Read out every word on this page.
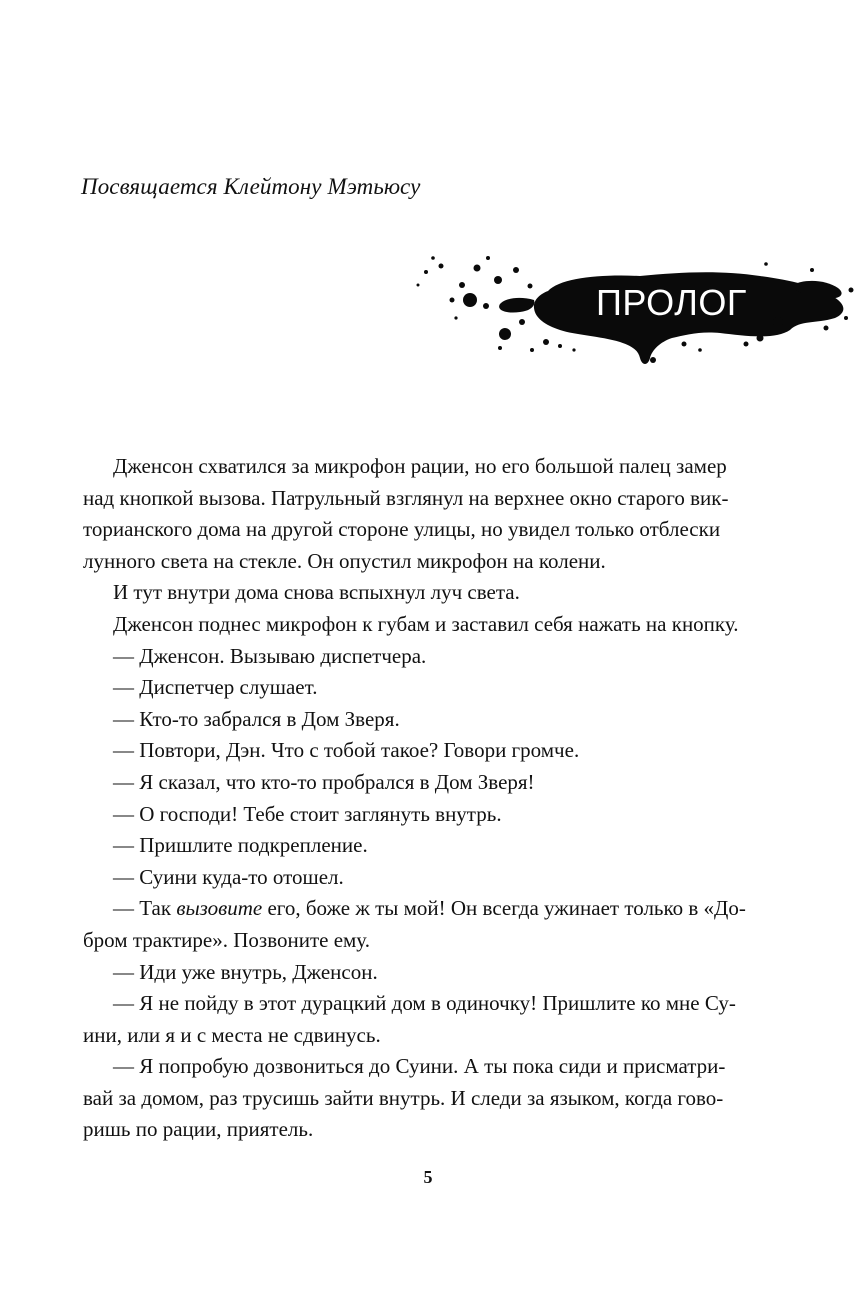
Посвящается Клейтону Мэтьюсу
ПРОЛОГ
Дженсон схватился за микрофон рации, но его большой палец замер
над кнопкой вызова. Патрульный взглянул на верхнее окно старого вик-
торианского дома на другой стороне улицы, но увидел только отблески
лунного света на стекле. Он опустил микрофон на колени.
И тут внутри дома снова вспыхнул луч света.
Дженсон поднес микрофон к губам и заставил себя нажать на кнопку.
— Дженсон. Вызываю диспетчера.
— Диспетчер слушает.
— Кто-то забрался в Дом Зверя.
— Повтори, Дэн. Что с тобой такое? Говори громче.
— Я сказал, что кто-то пробрался в Дом Зверя!
— О господи! Тебе стоит заглянуть внутрь.
— Пришлите подкрепление.
— Суини куда-то отошел.
— Так вызовите его, боже ж ты мой! Он всегда ужинает только в «До-
бром трактире». Позвоните ему.
— Иди уже внутрь, Дженсон.
— Я не пойду в этот дурацкий дом в одиночку! Пришлите ко мне Су-
ини, или я и с места не сдвинусь.
— Я попробую дозвониться до Суини. А ты пока сиди и присматри-
вай за домом, раз трусишь зайти внутрь. И следи за языком, когда гово-
ришь по рации, приятель.
5
